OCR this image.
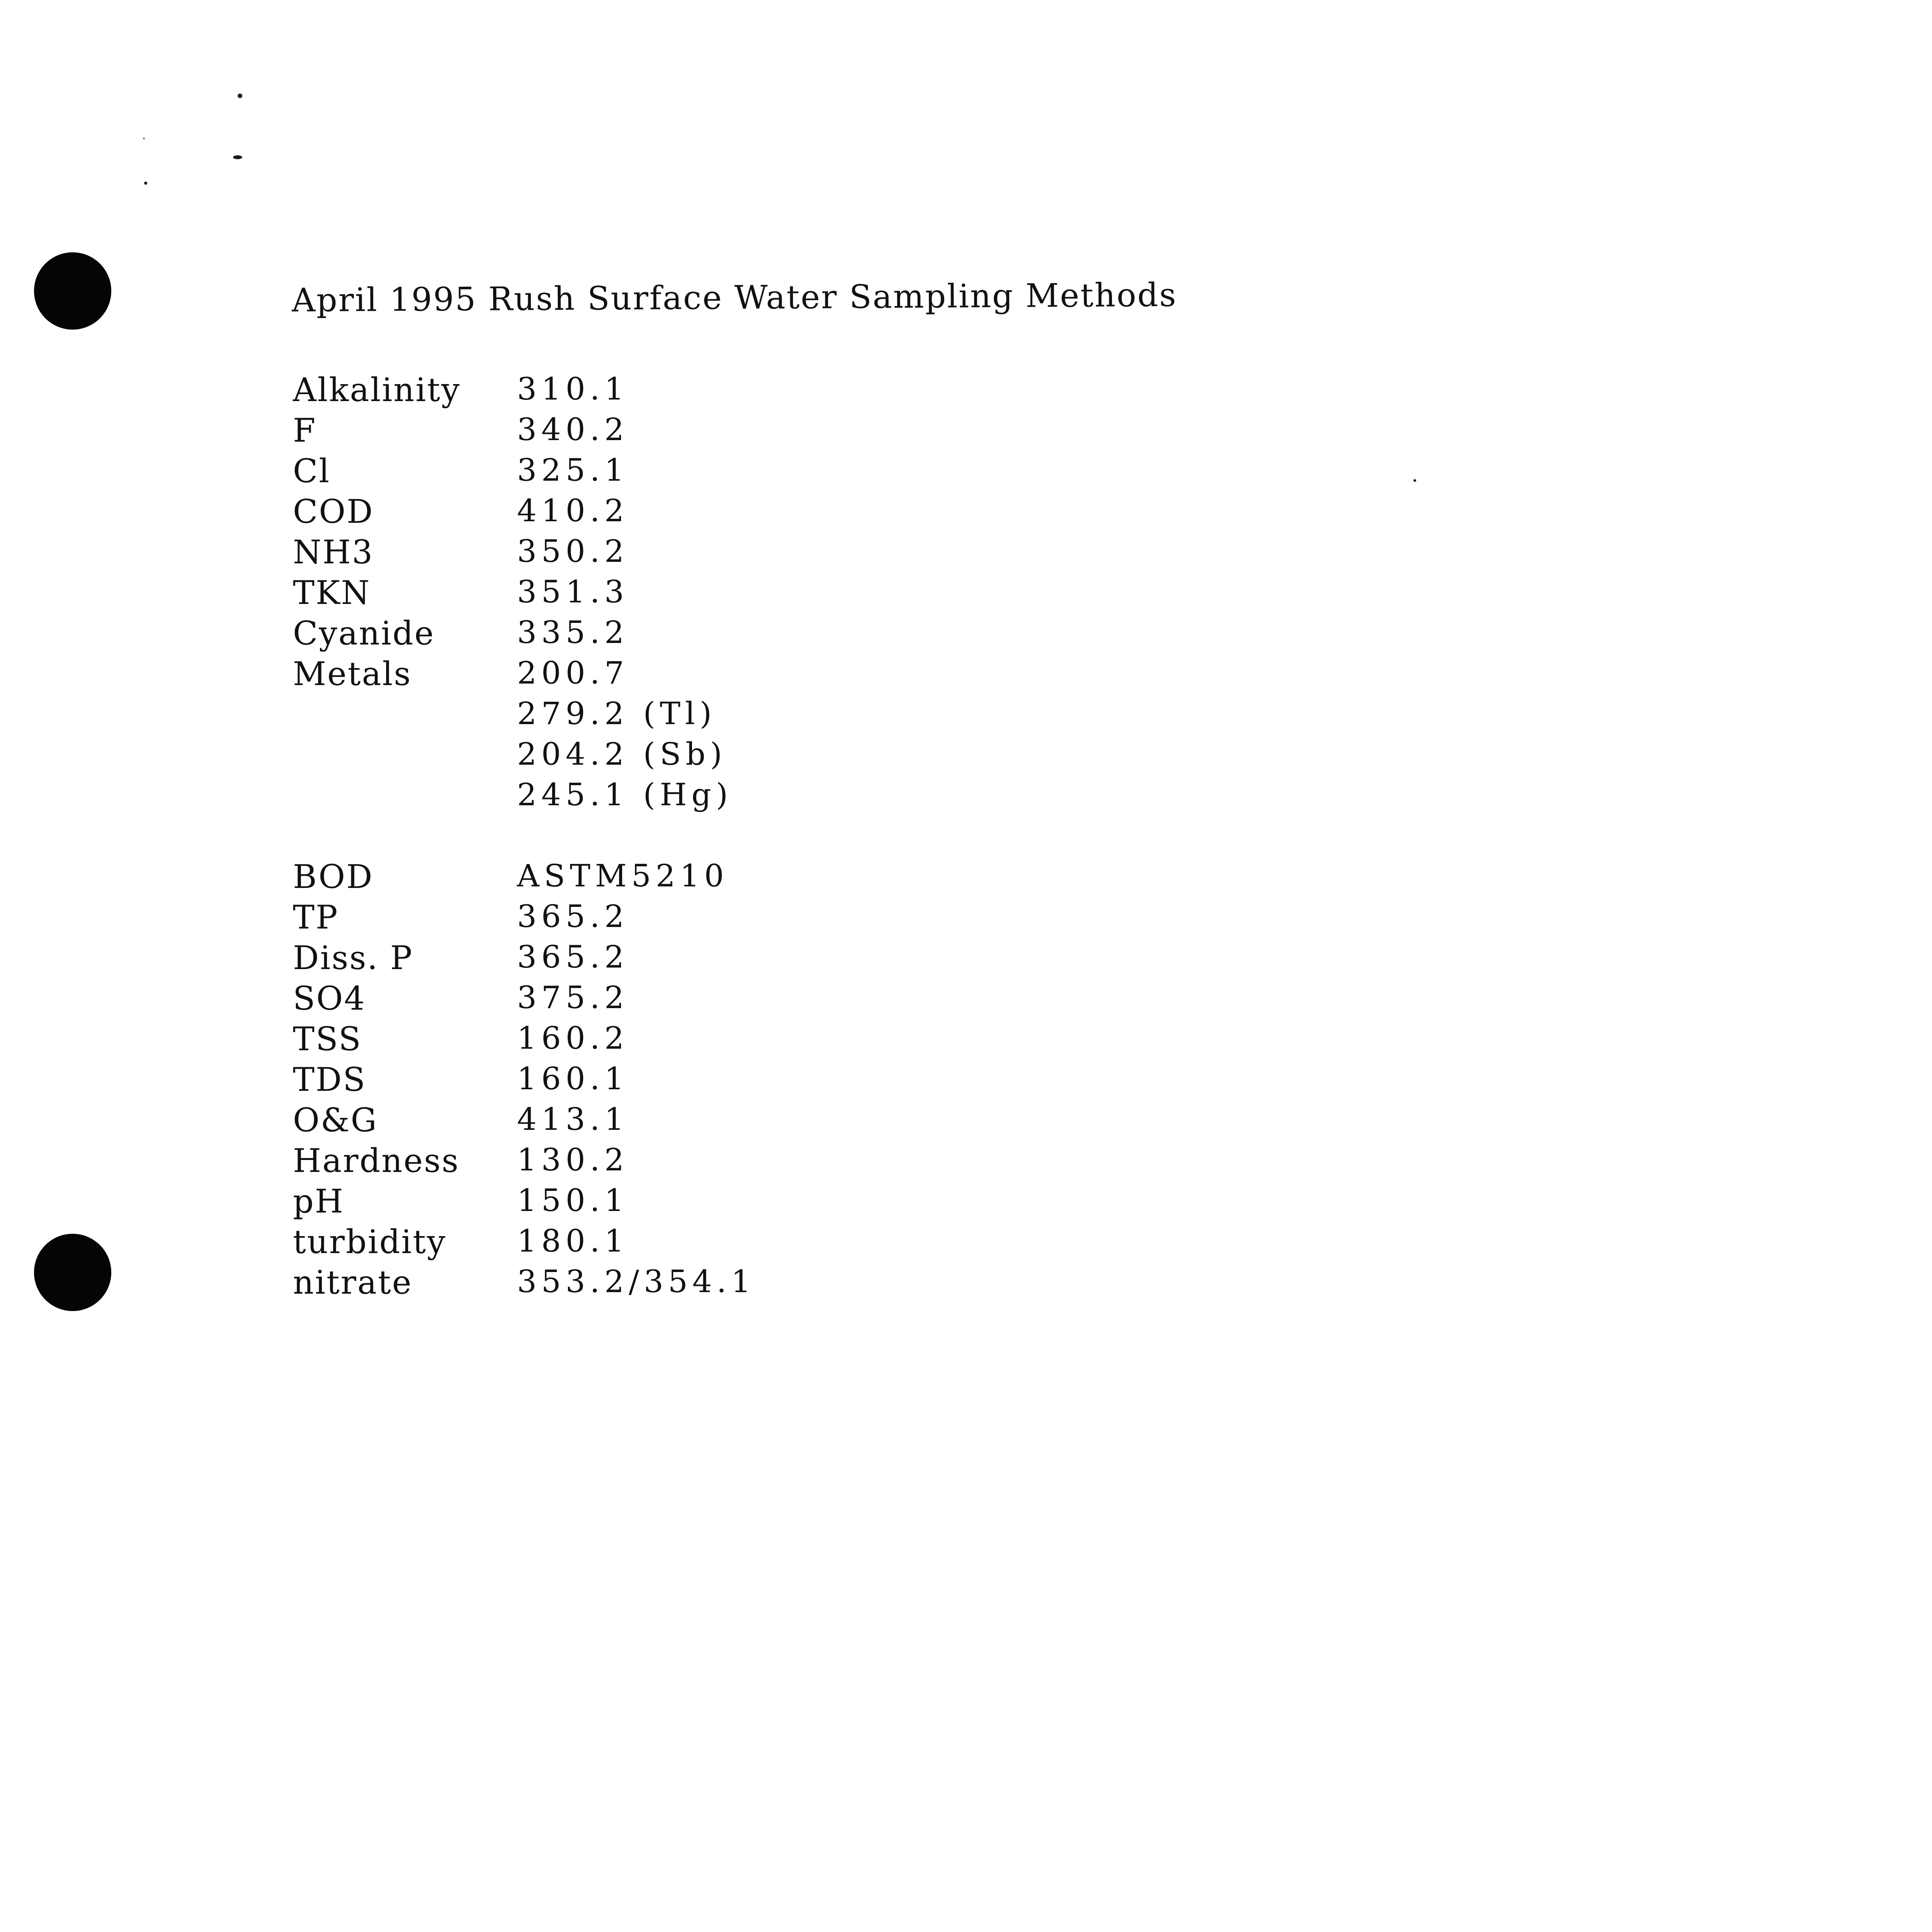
April 1995 Rush Surface Water Sampling Methods
Alkalinity 310.1
F	340.2
Cl	325.1
COD	410.2
NH3	350.2
TKN	351.3
Cyanide	335.2
Metals	200.7
279.2 (Tl)
204.2 (Sb)
245.1 (Hg)
BOD	ASTM5210
TP	365.2
Diss. P	365.2
SO4	375.2
TSS	160.2
TDS	160.1
O&G	413.1
Hardness 130.2
pH	150.1
turbidity 180.1
nitrate	353.2/354.1
